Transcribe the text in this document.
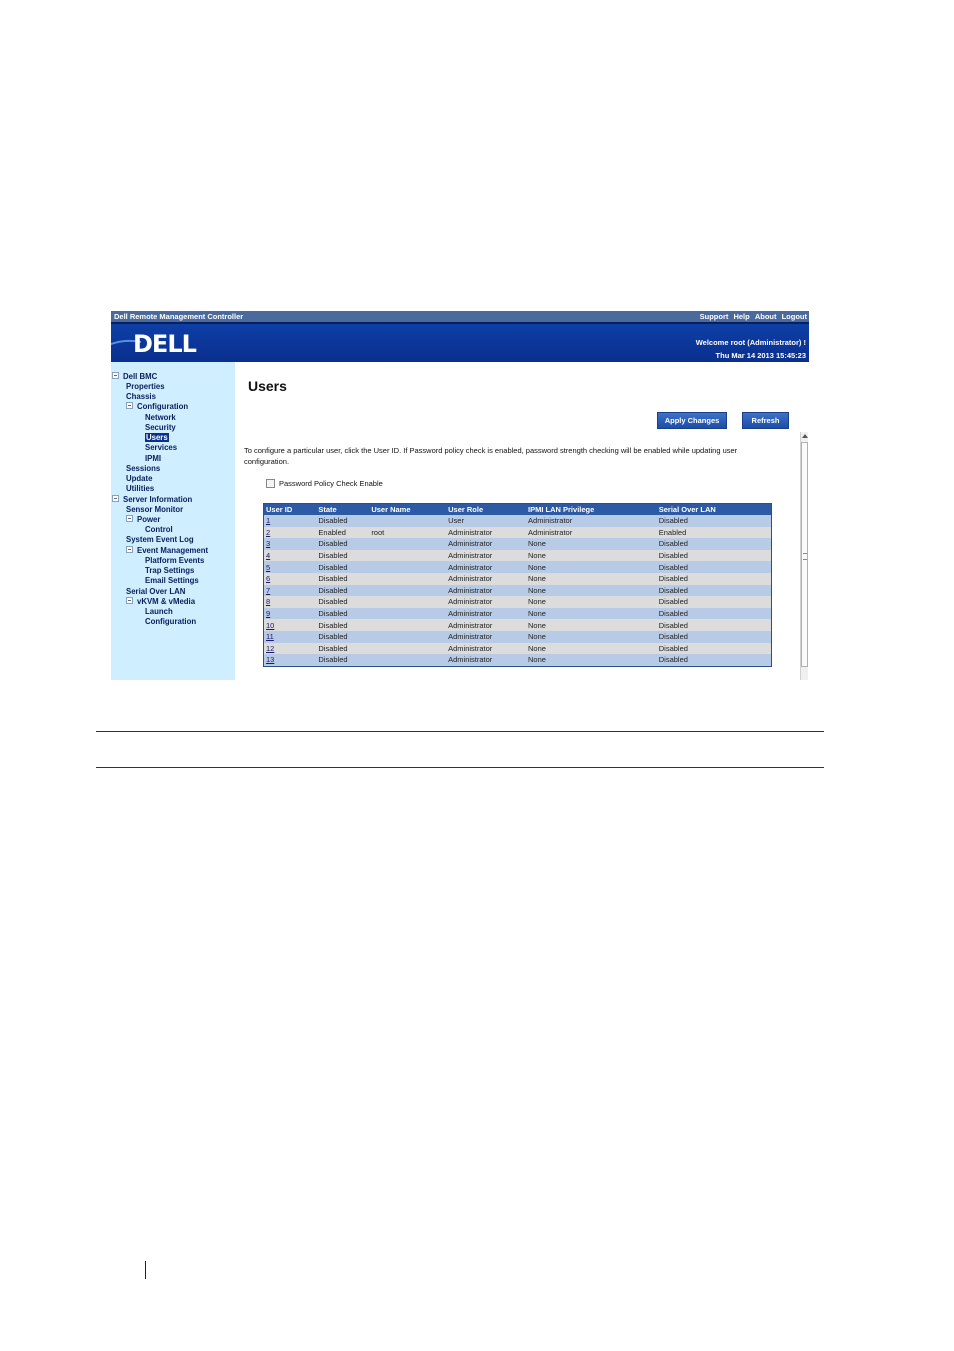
Dell Remote Management Controller	Support Help About Logout
DELL	Welcome root (Administrator) !
Thu Mar 14 2013 15:45:23
Dell BMC
Properties
Chassis
Configuration
Network
Security
Users
Services
IPMI
Sessions
Update
Utilities
Server Information
Sensor Monitor
Power
Control
System Event Log
Event Management
Platform Events
Trap Settings
Email Settings
Serial Over LAN
vKVM & vMedia
Launch
Configuration
Users
Apply Changes	Refresh
To configure a particular user, click the User ID. If Password policy check is enabled, password strength checking will be enabled while updating user configuration.
Password Policy Check Enable
User ID	State	User Name	User Role	IPMI LAN Privilege	Serial Over LAN
1	Disabled		User	Administrator	Disabled
2	Enabled	root	Administrator	Administrator	Enabled
3	Disabled		Administrator	None	Disabled
4	Disabled		Administrator	None	Disabled
5	Disabled		Administrator	None	Disabled
6	Disabled		Administrator	None	Disabled
7	Disabled		Administrator	None	Disabled
8	Disabled		Administrator	None	Disabled
9	Disabled		Administrator	None	Disabled
10	Disabled		Administrator	None	Disabled
11	Disabled		Administrator	None	Disabled
12	Disabled		Administrator	None	Disabled
13	Disabled		Administrator	None	Disabled
